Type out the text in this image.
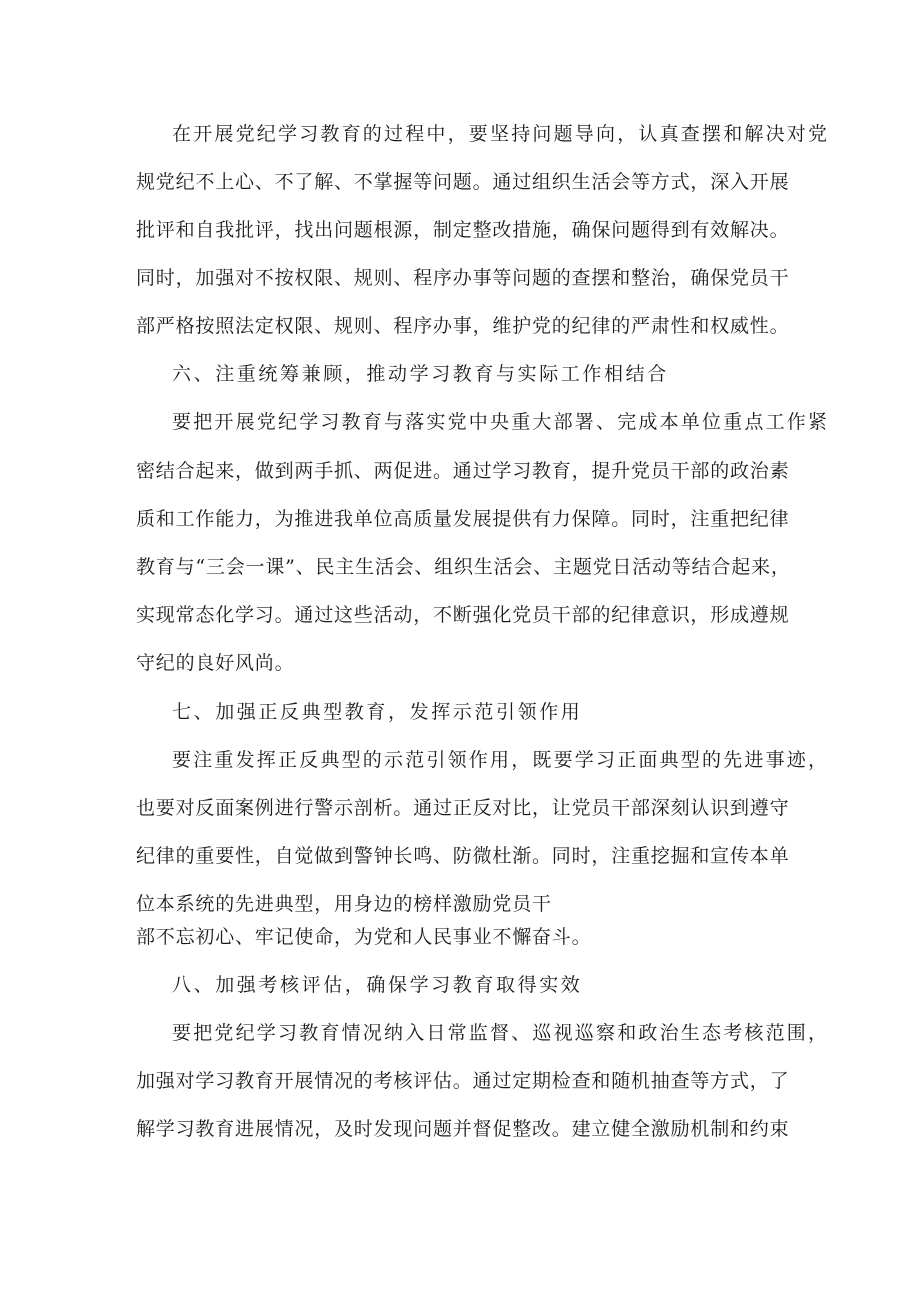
在开展党纪学习教育的过程中，要坚持问题导向，认真查摆和解决对党
规党纪不上心、不了解、不掌握等问题。通过组织生活会等方式，深入开展
批评和自我批评，找出问题根源，制定整改措施，确保问题得到有效解决。
同时，加强对不按权限、规则、程序办事等问题的查摆和整治，确保党员干
部严格按照法定权限、规则、程序办事，维护党的纪律的严肃性和权威性。
六、注重统筹兼顾，推动学习教育与实际工作相结合
要把开展党纪学习教育与落实党中央重大部署、完成本单位重点工作紧
密结合起来，做到两手抓、两促进。通过学习教育，提升党员干部的政治素
质和工作能力，为推进我单位高质量发展提供有力保障。同时，注重把纪律
教育与“三会一课”、民主生活会、组织生活会、主题党日活动等结合起来，
实现常态化学习。通过这些活动，不断强化党员干部的纪律意识，形成遵规
守纪的良好风尚。
七、加强正反典型教育，发挥示范引领作用
要注重发挥正反典型的示范引领作用，既要学习正面典型的先进事迹，
也要对反面案例进行警示剖析。通过正反对比，让党员干部深刻认识到遵守
纪律的重要性，自觉做到警钟长鸣、防微杜渐。同时，注重挖掘和宣传本单
位本系统的先进典型，用身边的榜样激励党员干
部不忘初心、牢记使命，为党和人民事业不懈奋斗。
八、加强考核评估，确保学习教育取得实效
要把党纪学习教育情况纳入日常监督、巡视巡察和政治生态考核范围，
加强对学习教育开展情况的考核评估。通过定期检查和随机抽查等方式，了
解学习教育进展情况，及时发现问题并督促整改。建立健全激励机制和约束
